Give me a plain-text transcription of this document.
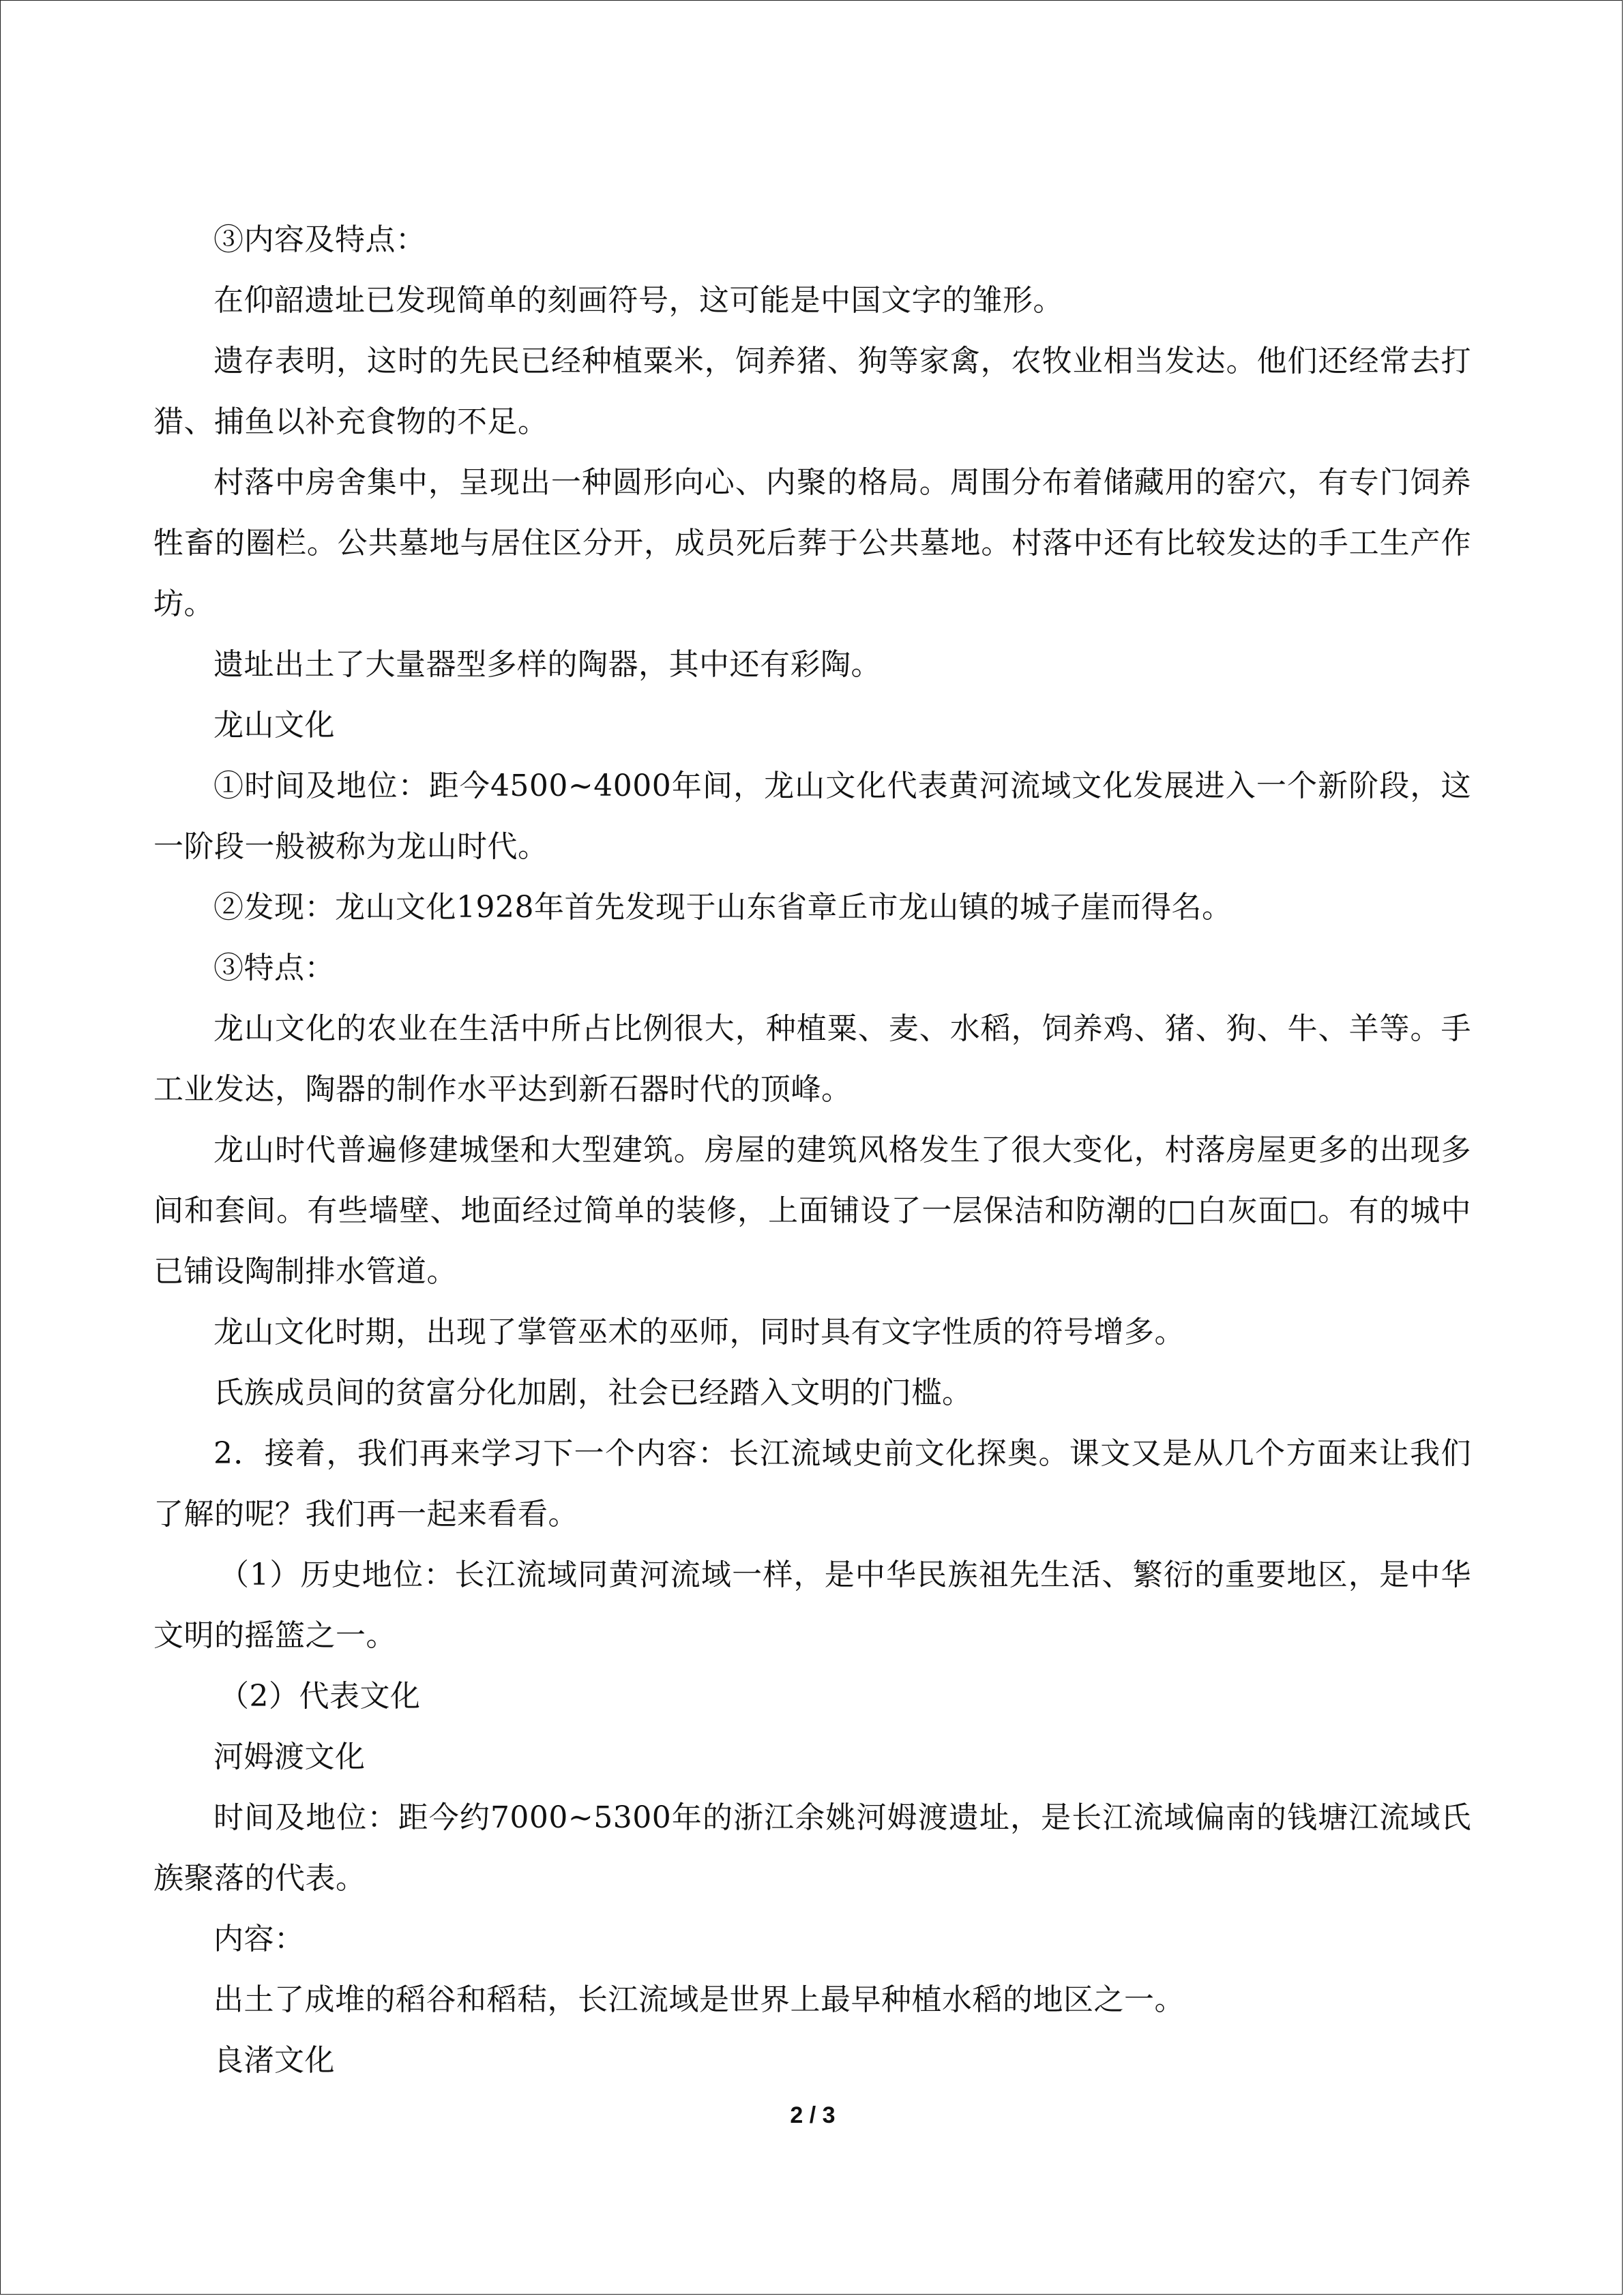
③内容及特点：

在仰韶遗址已发现简单的刻画符号，这可能是中国文字的雏形。

遗存表明，这时的先民已经种植粟米，饲养猪、狗等家禽，农牧业相当发达。他们还经常去打猎、捕鱼以补充食物的不足。

村落中房舍集中，呈现出一种圆形向心、内聚的格局。周围分布着储藏用的窑穴，有专门饲养牲畜的圈栏。公共墓地与居住区分开，成员死后葬于公共墓地。村落中还有比较发达的手工生产作坊。

遗址出土了大量器型多样的陶器，其中还有彩陶。

龙山文化

①时间及地位：距今4500~4000年间，龙山文化代表黄河流域文化发展进入一个新阶段，这一阶段一般被称为龙山时代。

②发现：龙山文化1928年首先发现于山东省章丘市龙山镇的城子崖而得名。

③特点：

龙山文化的农业在生活中所占比例很大，种植粟、麦、水稻，饲养鸡、猪、狗、牛、羊等。手工业发达，陶器的制作水平达到新石器时代的顶峰。

龙山时代普遍修建城堡和大型建筑。房屋的建筑风格发生了很大变化，村落房屋更多的出现多间和套间。有些墙壁、地面经过简单的装修，上面铺设了一层保洁和防潮的□白灰面□。有的城中已铺设陶制排水管道。

龙山文化时期，出现了掌管巫术的巫师，同时具有文字性质的符号增多。

氏族成员间的贫富分化加剧，社会已经踏入文明的门槛。

2．接着，我们再来学习下一个内容：长江流域史前文化探奥。课文又是从几个方面来让我们了解的呢？我们再一起来看看。

（1）历史地位：长江流域同黄河流域一样，是中华民族祖先生活、繁衍的重要地区，是中华文明的摇篮之一。

（2）代表文化

河姆渡文化

时间及地位：距今约7000~5300年的浙江余姚河姆渡遗址，是长江流域偏南的钱塘江流域氏族聚落的代表。

内容：

出土了成堆的稻谷和稻秸，长江流域是世界上最早种植水稻的地区之一。

良渚文化

2 / 3
